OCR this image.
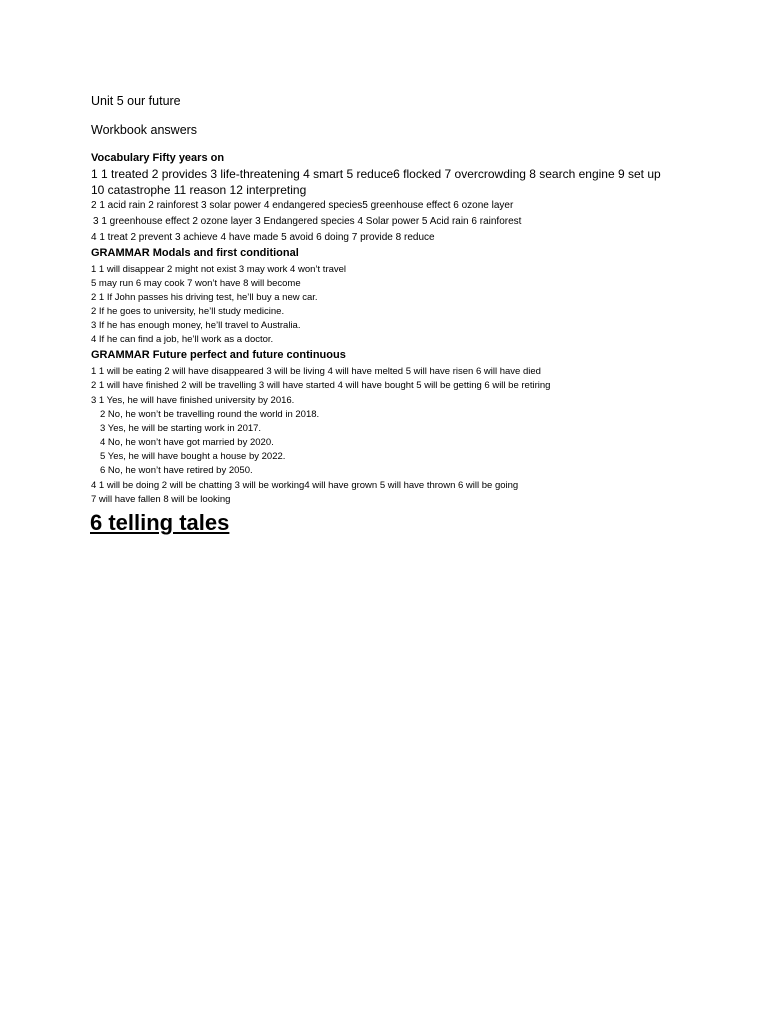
Unit 5 our future
Workbook answers
Vocabulary Fifty years on
1 1 treated 2 provides 3 life-threatening 4 smart 5 reduce6 flocked 7 overcrowding 8 search engine 9 set up
10 catastrophe 11 reason 12 interpreting
2 1 acid rain 2 rainforest 3 solar power 4 endangered species5 greenhouse effect 6 ozone layer
3 1 greenhouse effect 2 ozone layer 3 Endangered species 4 Solar power 5 Acid rain 6 rainforest
4 1 treat 2 prevent 3 achieve 4 have made 5 avoid 6 doing 7 provide 8 reduce
GRAMMAR Modals and first conditional
1 1 will disappear 2 might not exist 3 may work 4 won’t travel
5 may run 6 may cook 7 won’t have 8 will become
2 1 If John passes his driving test, he’ll buy a new car.
2 If he goes to university, he’ll study medicine.
3 If he has enough money, he’ll travel to Australia.
4 If he can find a job, he’ll work as a doctor.
GRAMMAR Future perfect and future continuous
1 1 will be eating 2 will have disappeared 3 will be living 4 will have melted 5 will have risen 6 will have died
2 1 will have finished 2 will be travelling 3 will have started 4 will have bought 5 will be getting 6 will be retiring
3 1 Yes, he will have finished university by 2016.
2 No, he won’t be travelling round the world in 2018.
3 Yes, he will be starting work in 2017.
4 No, he won’t have got married by 2020.
5 Yes, he will have bought a house by 2022.
6 No, he won’t have retired by 2050.
4 1 will be doing 2 will be chatting 3 will be working4 will have grown 5 will have thrown 6 will be going
7 will have fallen 8 will be looking
6 telling tales
